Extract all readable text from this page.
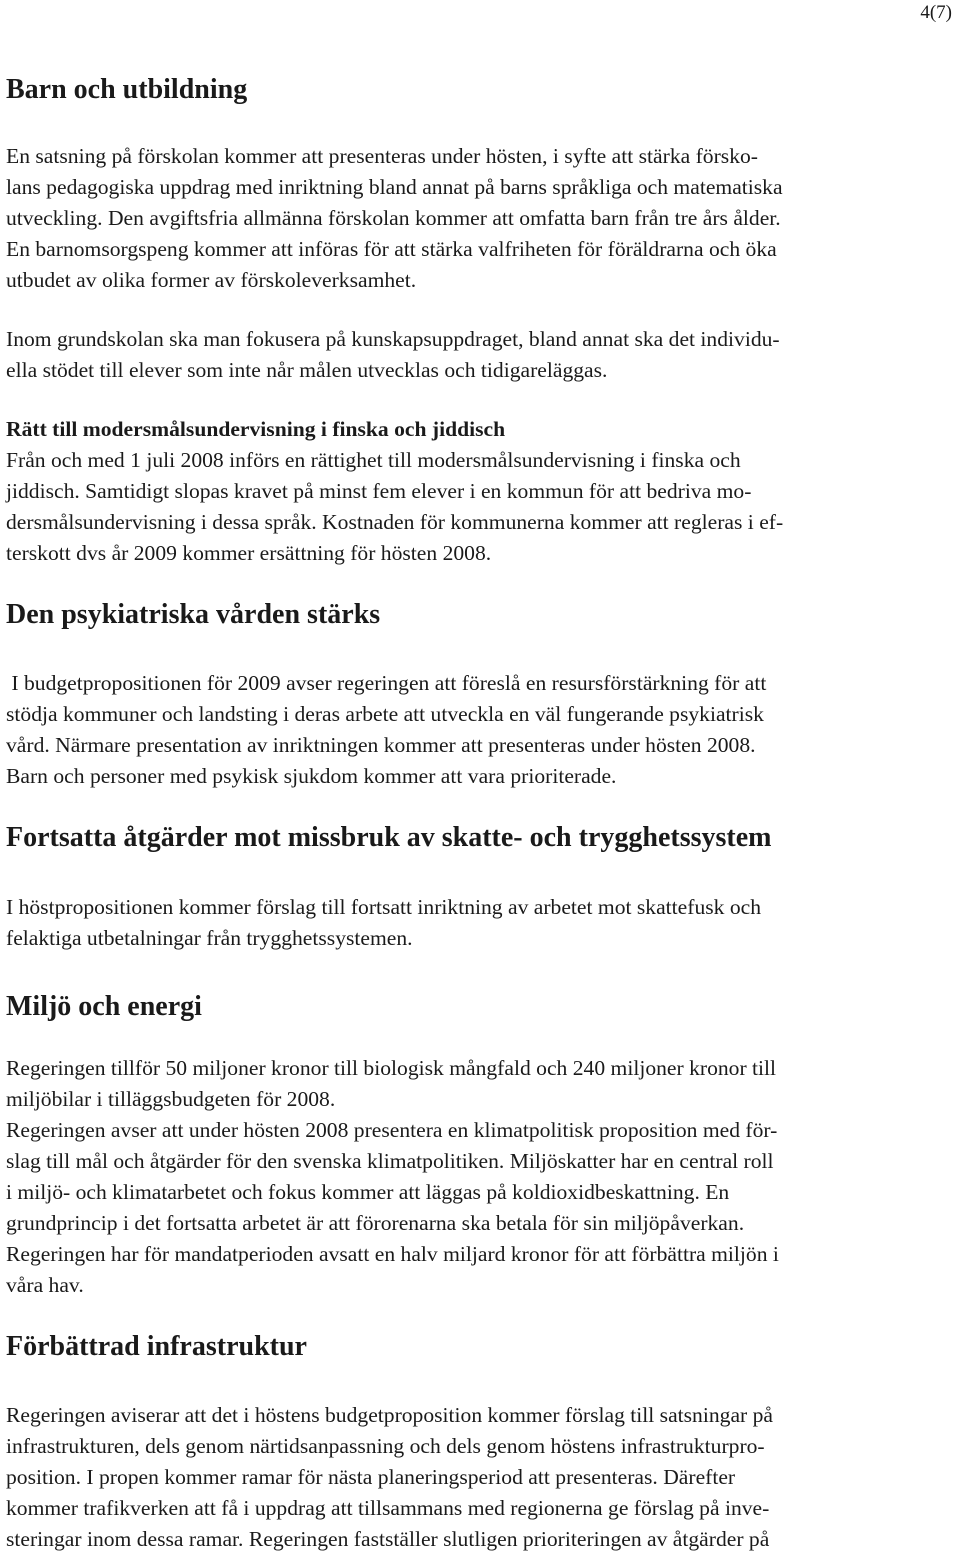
4(7)
Barn och utbildning
En satsning på förskolan kommer att presenteras under hösten, i syfte att stärka försko-
lans pedagogiska uppdrag med inriktning bland annat på barns språkliga och matematiska
utveckling. Den avgiftsfria allmänna förskolan kommer att omfatta barn från tre års ålder.
En barnomsorgspeng kommer att införas för att stärka valfriheten för föräldrarna och öka
utbudet av olika former av förskoleverksamhet.
Inom grundskolan ska man fokusera på kunskapsuppdraget, bland annat ska det individu-
ella stödet till elever som inte når målen utvecklas och tidigareläggas.
Rätt till modersmålsundervisning i finska och jiddisch
Från och med 1 juli 2008 införs en rättighet till modersmålsundervisning i finska och
jiddisch. Samtidigt slopas kravet på minst fem elever i en kommun för att bedriva mo-
dersmålsundervisning i dessa språk. Kostnaden för kommunerna kommer att regleras i ef-
terskott dvs år 2009 kommer ersättning för hösten 2008.
Den psykiatriska vården stärks
I budgetpropositionen för 2009 avser regeringen att föreslå en resursförstärkning för att
stödja kommuner och landsting i deras arbete att utveckla en väl fungerande psykiatrisk
vård. Närmare presentation av inriktningen kommer att presenteras under hösten 2008.
Barn och personer med psykisk sjukdom kommer att vara prioriterade.
Fortsatta åtgärder mot missbruk av skatte- och trygghetssystem
I höstpropositionen kommer förslag till fortsatt inriktning av arbetet mot skattefusk och
felaktiga utbetalningar från trygghetssystemen.
Miljö och energi
Regeringen tillför 50 miljoner kronor till biologisk mångfald och 240 miljoner kronor till
miljöbilar i tilläggsbudgeten för 2008.
Regeringen avser att under hösten 2008 presentera en klimatpolitisk proposition med för-
slag till mål och åtgärder för den svenska klimatpolitiken. Miljöskatter har en central roll
i miljö- och klimatarbetet och fokus kommer att läggas på koldioxidbeskattning. En
grundprincip i det fortsatta arbetet är att förorenarna ska betala för sin miljöpåverkan.
Regeringen har för mandatperioden avsatt en halv miljard kronor för att förbättra miljön i
våra hav.
Förbättrad infrastruktur
Regeringen aviserar att det i höstens budgetproposition kommer förslag till satsningar på
infrastrukturen, dels genom närtidsanpassning och dels genom höstens infrastrukturpro-
position. I propen kommer ramar för nästa planeringsperiod att presenteras. Därefter
kommer trafikverken att få i uppdrag att tillsammans med regionerna ge förslag på inve-
steringar inom dessa ramar. Regeringen fastställer slutligen prioriteringen av åtgärder på
